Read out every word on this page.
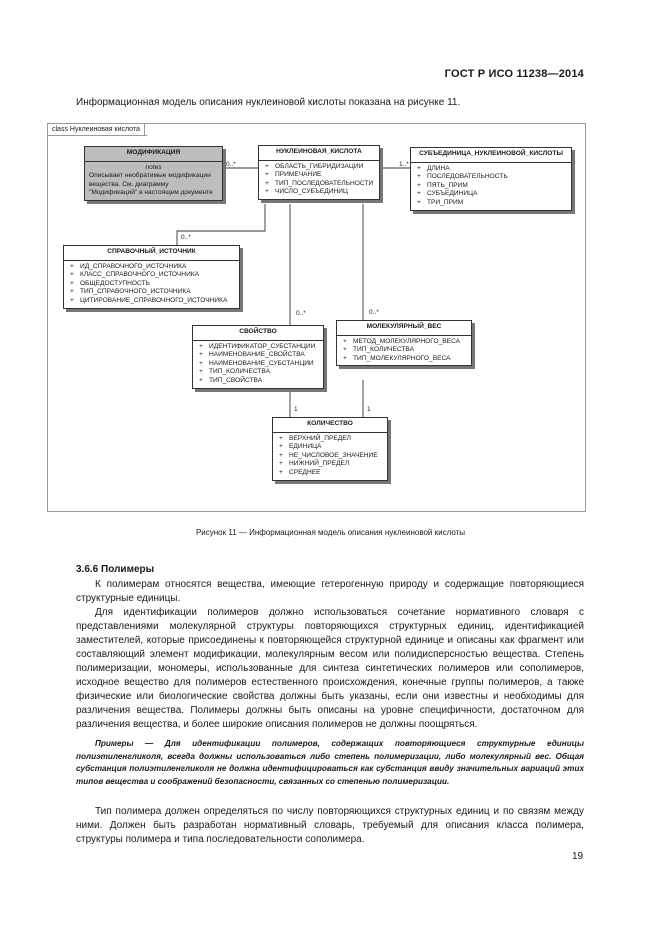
ГОСТ Р ИСО 11238—2014
Информационная модель описания нуклеиновой кислоты показана на рисунке 11.
class Нуклеиновая кислота
МОДИФИКАЦИЯ
notes
Описывает необратимые модификации вещества. См. диаграмму "Модификаций" в настоящем документе
НУКЛЕИНОВАЯ_КИСЛОТА
+ ОБЛАСТЬ_ГИБРИДИЗАЦИИ
+ ПРИМЕЧАНИЕ
+ ТИП_ПОСЛЕДОВАТЕЛЬНОСТИ
+ ЧИСЛО_СУБЪЕДИНИЦ
СУБЪЕДИНИЦА_НУКЛЕИНОВОЙ_КИСЛОТЫ
+ ДЛИНА
+ ПОСЛЕДОВАТЕЛЬНОСТЬ
+ ПЯТЬ_ПРИМ
+ СУБЪЕДИНИЦА
+ ТРИ_ПРИМ
СПРАВОЧНЫЙ_ИСТОЧНИК
+ ИД_СПРАВОЧНОГО_ИСТОЧНИКА
+ КЛАСС_СПРАВОЧНОГО_ИСТОЧНИКА
+ ОБЩЕДОСТУПНОСТЬ
+ ТИП_СПРАВОЧНОГО_ИСТОЧНИКА
+ ЦИТИРОВАНИЕ_СПРАВОЧНОГО_ИСТОЧНИКА
СВОЙСТВО
+ ИДЕНТИФИКАТОР_СУБСТАНЦИИ
+ НАИМЕНОВАНИЕ_СВОЙСТВА
+ НАИМЕНОВАНИЕ_СУБСТАНЦИИ
+ ТИП_КОЛИЧЕСТВА
+ ТИП_СВОЙСТВА
МОЛЕКУЛЯРНЫЙ_ВЕС
+ МЕТОД_МОЛЕКУЛЯРНОГО_ВЕСА
+ ТИП_КОЛИЧЕСТВА
+ ТИП_МОЛЕКУЛЯРНОГО_ВЕСА
КОЛИЧЕСТВО
+ ВЕРХНИЙ_ПРЕДЕЛ
+ ЕДИНИЦА
+ НЕ_ЧИСЛОВОЕ_ЗНАЧЕНИЕ
+ НИЖНИЙ_ПРЕДЕЛ
+ СРЕДНЕЕ
0..*	1..*
0..*
0..*	0..*
1	1
Рисунок 11 — Информационная модель описания нуклеиновой кислоты
3.6.6 Полимеры
К полимерам относятся вещества, имеющие гетерогенную природу и содержащие повторяющиеся структурные единицы.
Для идентификации полимеров должно использоваться сочетание нормативного словаря с представлениями молекулярной структуры повторяющихся структурных единиц, идентификацией заместителей, которые присоединены к повторяющейся структурной единице и описаны как фрагмент или составляющий элемент модификации, молекулярным весом или полидисперсностью вещества. Степень полимеризации, мономеры, использованные для синтеза синтетических полимеров или сополимеров, исходное вещество для полимеров естественного происхождения, конечные группы полимеров, а также физические или биологические свойства должны быть указаны, если они известны и необходимы для различения вещества. Полимеры должны быть описаны на уровне специфичности, достаточном для различения вещества, и более широкие описания полимеров не должны поощряться.
Примеры — Для идентификации полимеров, содержащих повторяющиеся структурные единицы полиэтиленгликоля, всегда должны использоваться либо степень полимеризации, либо молекулярный вес. Общая субстанция полиэтиленгликоля не должна идентифицироваться как субстанция ввиду значительных вариаций этих типов вещества и соображений безопасности, связанных со степенью полимеризации.
Тип полимера должен определяться по числу повторяющихся структурных единиц и по связям между ними. Должен быть разработан нормативный словарь, требуемый для описания класса полимера, структуры полимера и типа последовательности сополимера.
19
